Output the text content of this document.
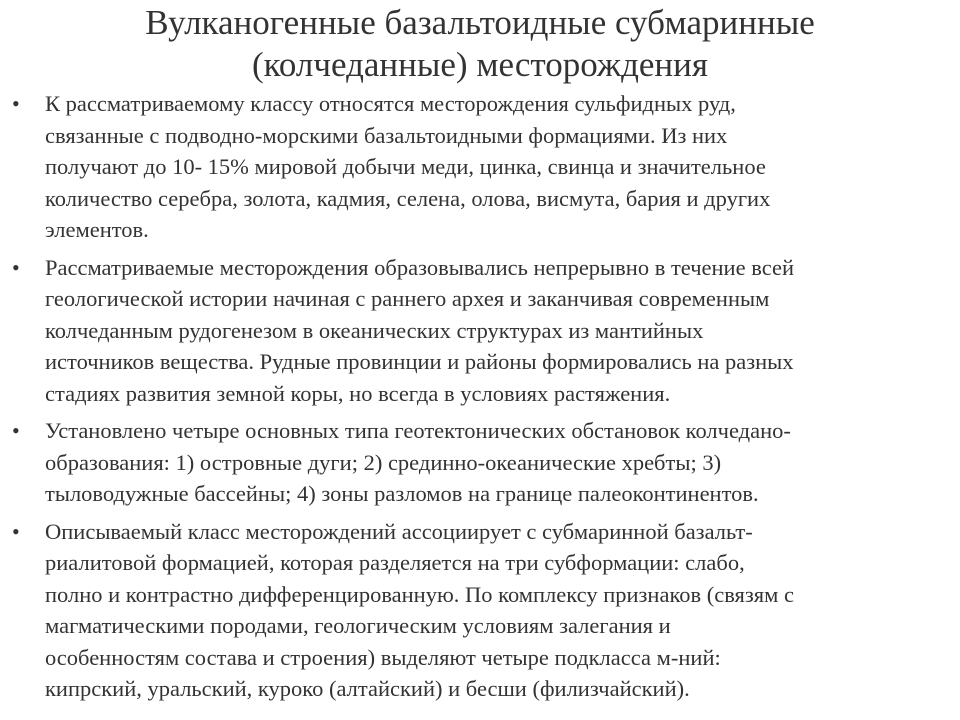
Вулканогенные базальтоидные субмаринные
(колчеданные) месторождения
• К рассматриваемому классу относятся месторождения сульфидных руд,
связанные с подводно-морскими базальтоидными формациями. Из них
получают до 10- 15% мировой добычи меди, цинка, свинца и значительное
количество серебра, золота, кадмия, селена, олова, висмута, бария и других
элементов.
• Рассматриваемые месторождения образовывались непрерывно в течение всей
геологической истории начиная с раннего архея и заканчивая современным
колчеданным рудогенезом в океанических структурах из мантийных
источников вещества. Рудные провинции и районы формировались на разных
стадиях развития земной коры, но всегда в условиях растяжения.
• Установлено четыре основных типа геотектонических обстановок колчедано-
образования: 1) островные дуги; 2) срединно-океанические хребты; 3)
тыловодужные бассейны; 4) зоны разломов на границе палеоконтинентов.
• Описываемый класс месторождений ассоциирует с субмаринной базальт-
риалитовой формацией, которая разделяется на три субформации: слабо,
полно и контрастно дифференцированную. По комплексу признаков (связям с
магматическими породами, геологическим условиям залегания и
особенностям состава и строения) выделяют четыре подкласса м-ний:
кипрский, уральский, куроко (алтайский) и бесши (филизчайский).
